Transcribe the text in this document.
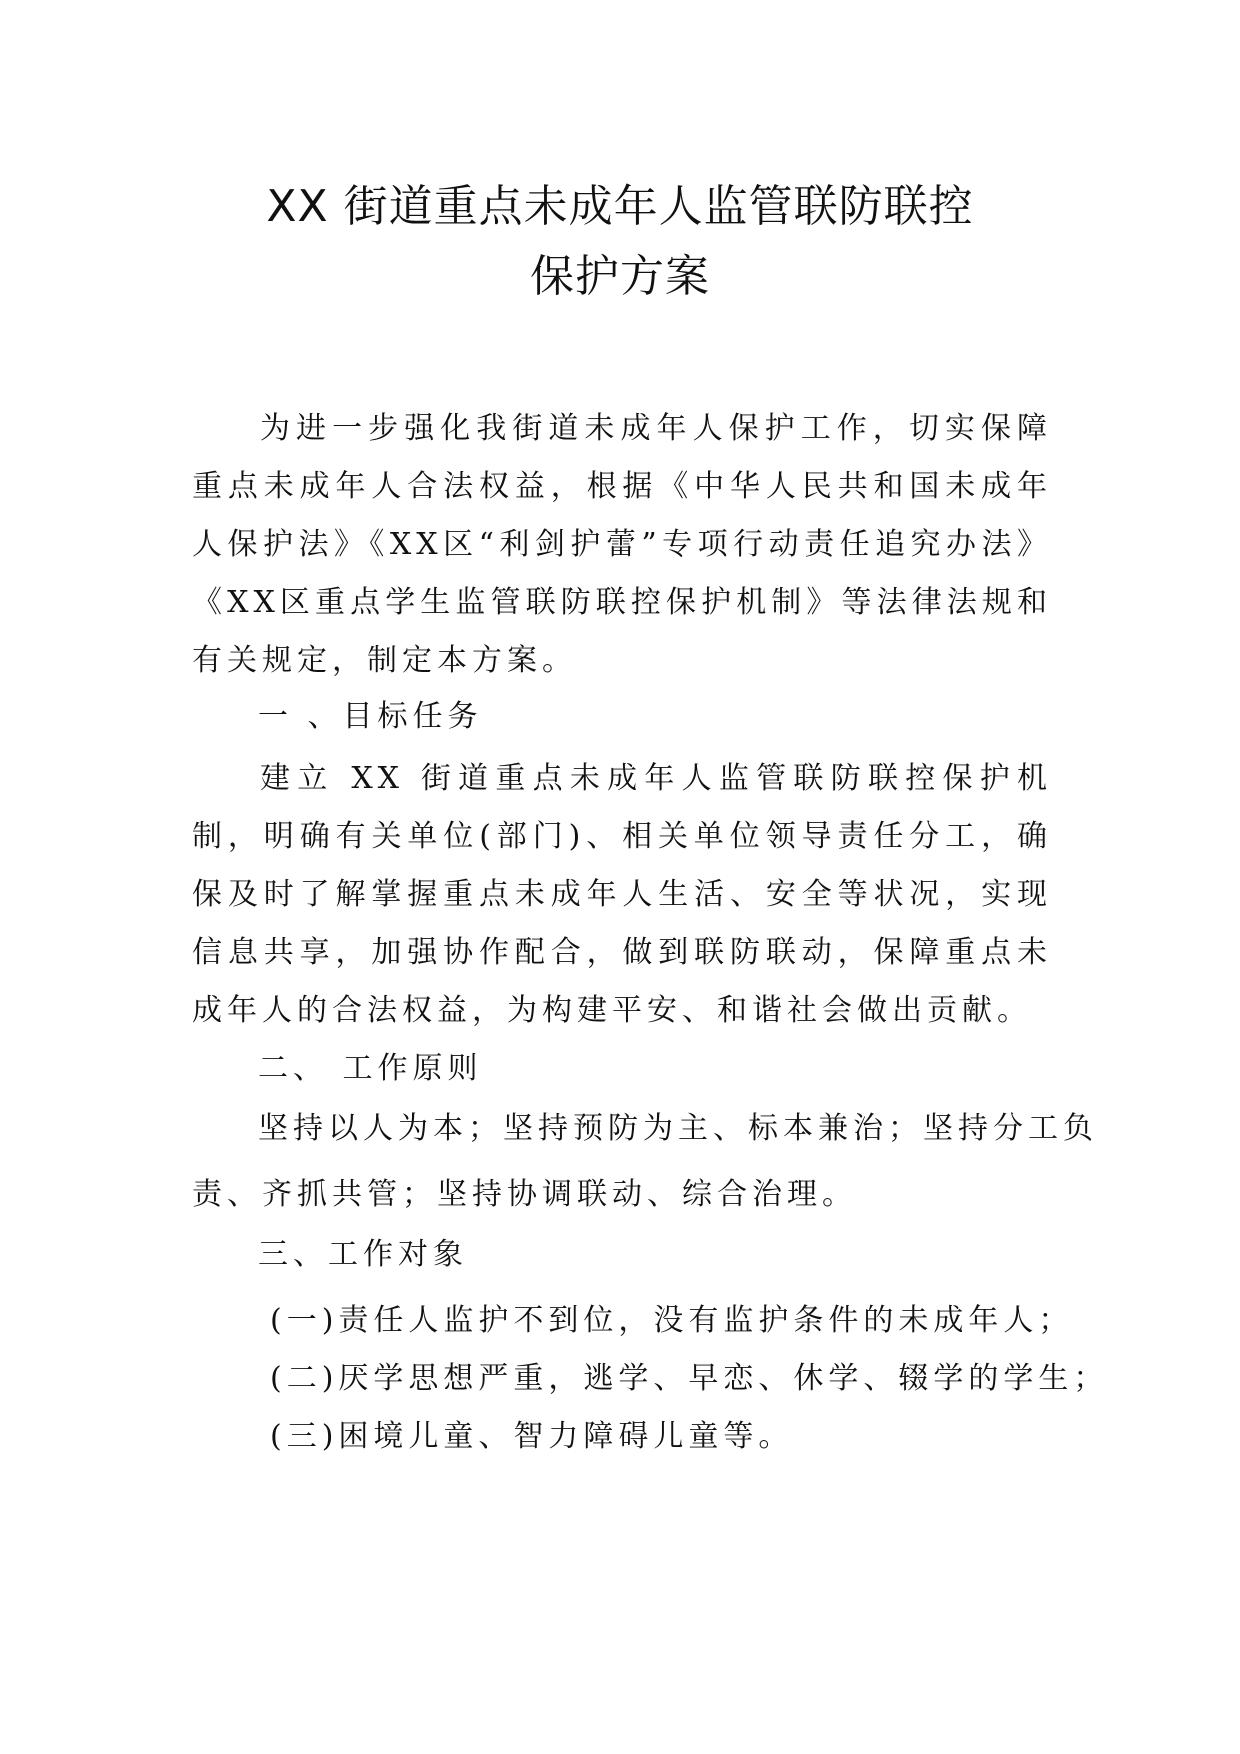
XX 街道重点未成年人监管联防联控
保护方案

为进一步强化我街道未成年人保护工作，切实保障重点未成年人合法权益，根据《中华人民共和国未成年人保护法》《XX区“利剑护蕾”专项行动责任追究办法》《XX区重点学生监管联防联控保护机制》等法律法规和有关规定，制定本方案。

一 、目标任务

建立 XX 街道重点未成年人监管联防联控保护机制，明确有关单位(部门)、相关单位领导责任分工，确保及时了解掌握重点未成年人生活、安全等状况，实现信息共享，加强协作配合，做到联防联动，保障重点未成年人的合法权益，为构建平安、和谐社会做出贡献。

二、 工作原则

坚持以人为本；坚持预防为主、标本兼治；坚持分工负

责、齐抓共管；坚持协调联动、综合治理。

三、工作对象

(一)责任人监护不到位，没有监护条件的未成年人；

(二)厌学思想严重，逃学、早恋、休学、辍学的学生；

(三)困境儿童、智力障碍儿童等。
